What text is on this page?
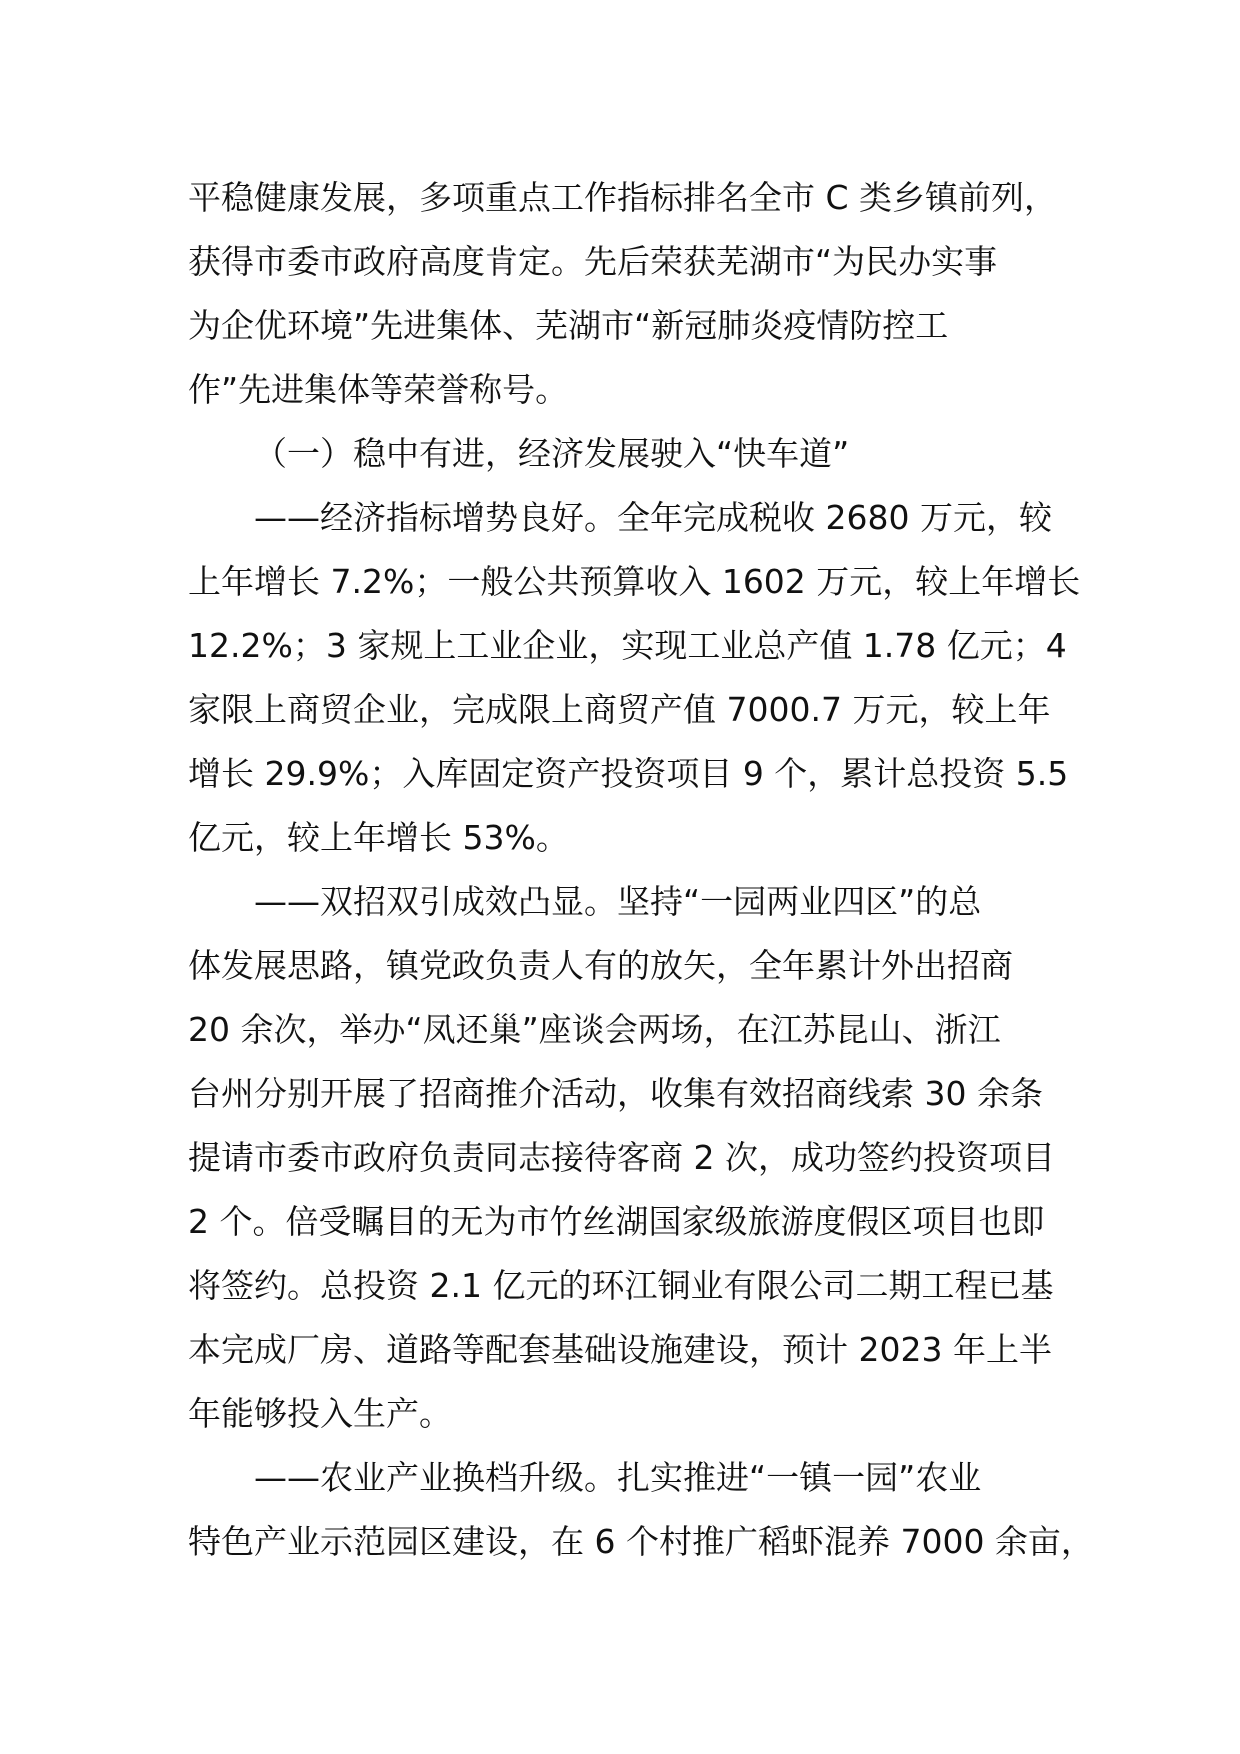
平稳健康发展，多项重点工作指标排名全市 C 类乡镇前列，
获得市委市政府高度肯定。先后荣获芜湖市“为民办实事
为企优环境”先进集体、芜湖市“新冠肺炎疫情防控工
作”先进集体等荣誉称号。
（一）稳中有进，经济发展驶入“快车道”
——经济指标增势良好。全年完成税收 2680 万元，较
上年增长 7.2%；一般公共预算收入 1602 万元，较上年增长
12.2%；3 家规上工业企业，实现工业总产值 1.78 亿元；4
家限上商贸企业，完成限上商贸产值 7000.7 万元，较上年
增长 29.9%；入库固定资产投资项目 9 个，累计总投资 5.5
亿元，较上年增长 53%。
——双招双引成效凸显。坚持“一园两业四区”的总
体发展思路，镇党政负责人有的放矢，全年累计外出招商
20 余次，举办“凤还巢”座谈会两场，在江苏昆山、浙江
台州分别开展了招商推介活动，收集有效招商线索 30 余条
提请市委市政府负责同志接待客商 2 次，成功签约投资项目
2 个。倍受瞩目的无为市竹丝湖国家级旅游度假区项目也即
将签约。总投资 2.1 亿元的环江铜业有限公司二期工程已基
本完成厂房、道路等配套基础设施建设，预计 2023 年上半
年能够投入生产。
——农业产业换档升级。扎实推进“一镇一园”农业
特色产业示范园区建设，在 6 个村推广稻虾混养 7000 余亩，
